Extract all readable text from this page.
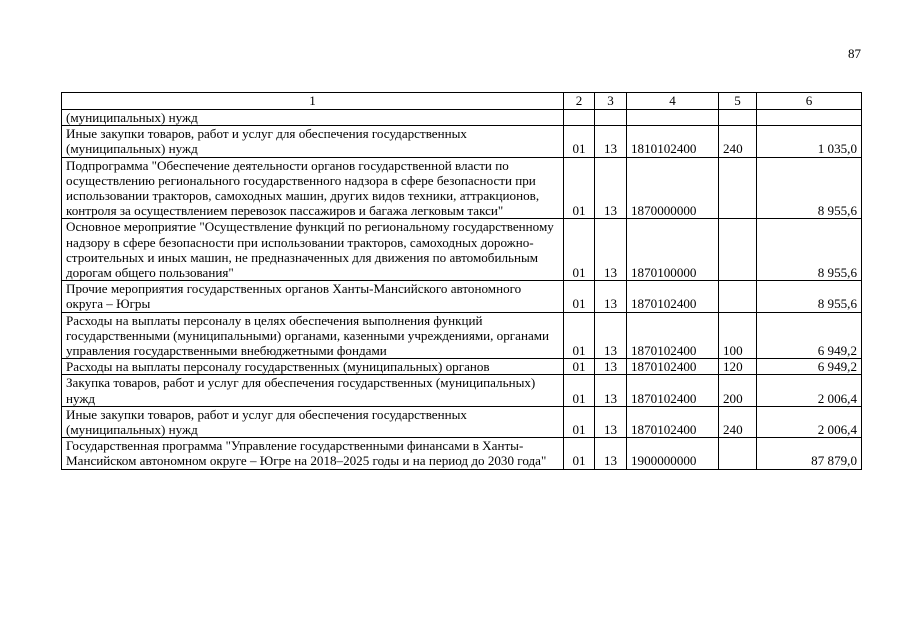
87
1	2	3	4	5	6
(муниципальных) нужд					
Иные закупки товаров, работ и услуг для обеспечения государственных (муниципальных) нужд	01	13	1810102400	240	1 035,0
Подпрограмма "Обеспечение деятельности органов государственной власти по осуществлению регионального государственного надзора в сфере безопасности при использовании тракторов, самоходных машин, других видов техники, аттракционов, контроля за осуществлением перевозок пассажиров и багажа легковым такси"	01	13	1870000000		8 955,6
Основное мероприятие "Осуществление функций по региональному государственному надзору в сфере безопасности при использовании тракторов, самоходных дорожно-строительных и иных машин, не предназначенных для движения по автомобильным дорогам общего пользования"	01	13	1870100000		8 955,6
Прочие мероприятия государственных органов Ханты-Мансийского автономного округа – Югры	01	13	1870102400		8 955,6
Расходы на выплаты персоналу в целях обеспечения выполнения функций государственными (муниципальными) органами, казенными учреждениями, органами управления государственными внебюджетными фондами	01	13	1870102400	100	6 949,2
Расходы на выплаты персоналу государственных (муниципальных) органов	01	13	1870102400	120	6 949,2
Закупка товаров, работ и услуг для обеспечения государственных (муниципальных) нужд	01	13	1870102400	200	2 006,4
Иные закупки товаров, работ и услуг для обеспечения государственных (муниципальных) нужд	01	13	1870102400	240	2 006,4
Государственная программа "Управление государственными финансами в Ханты-Мансийском автономном округе – Югре на 2018–2025 годы и на период до 2030 года"	01	13	1900000000		87 879,0
